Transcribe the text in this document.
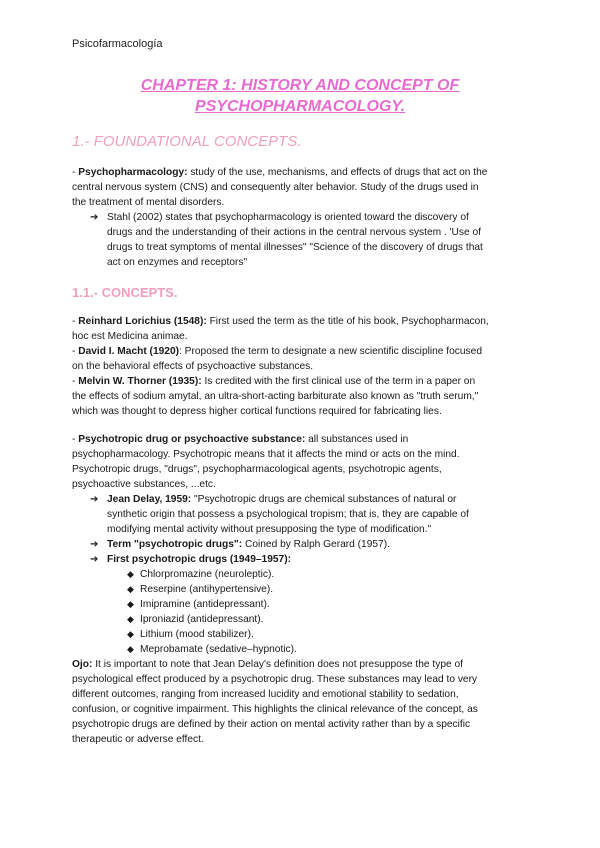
Psicofarmacología
CHAPTER 1: HISTORY AND CONCEPT OF
PSYCHOPHARMACOLOGY.
1.- FOUNDATIONAL CONCEPTS.
- Psychopharmacology: study of the use, mechanisms, and effects of drugs that act on the
central nervous system (CNS) and consequently alter behavior. Study of the drugs used in
the treatment of mental disorders.
➔ Stahl (2002) states that psychopharmacology is oriented toward the discovery of
drugs and the understanding of their actions in the central nervous system . 'Use of
drugs to treat symptoms of mental illnesses" "Science of the discovery of drugs that
act on enzymes and receptors"
1.1.- CONCEPTS.
- Reinhard Lorichius (1548): First used the term as the title of his book, Psychopharmacon,
hoc est Medicina animae.
- David I. Macht (1920): Proposed the term to designate a new scientific discipline focused
on the behavioral effects of psychoactive substances.
- Melvin W. Thorner (1935): Is credited with the first clinical use of the term in a paper on
the effects of sodium amytal, an ultra-short-acting barbiturate also known as "truth serum,"
which was thought to depress higher cortical functions required for fabricating lies.
- Psychotropic drug or psychoactive substance: all substances used in
psychopharmacology. Psychotropic means that it affects the mind or acts on the mind.
Psychotropic drugs, "drugs", psychopharmacological agents, psychotropic agents,
psychoactive substances, ...etc.
➔ Jean Delay, 1959: "Psychotropic drugs are chemical substances of natural or
synthetic origin that possess a psychological tropism; that is, they are capable of
modifying mental activity without presupposing the type of modification."
➔ Term "psychotropic drugs": Coined by Ralph Gerard (1957).
➔ First psychotropic drugs (1949–1957):
◆ Chlorpromazine (neuroleptic).
◆ Reserpine (antihypertensive).
◆ Imipramine (antidepressant).
◆ Iproniazid (antidepressant).
◆ Lithium (mood stabilizer).
◆ Meprobamate (sedative–hypnotic).
Ojo: It is important to note that Jean Delay's definition does not presuppose the type of
psychological effect produced by a psychotropic drug. These substances may lead to very
different outcomes, ranging from increased lucidity and emotional stability to sedation,
confusion, or cognitive impairment. This highlights the clinical relevance of the concept, as
psychotropic drugs are defined by their action on mental activity rather than by a specific
therapeutic or adverse effect.
